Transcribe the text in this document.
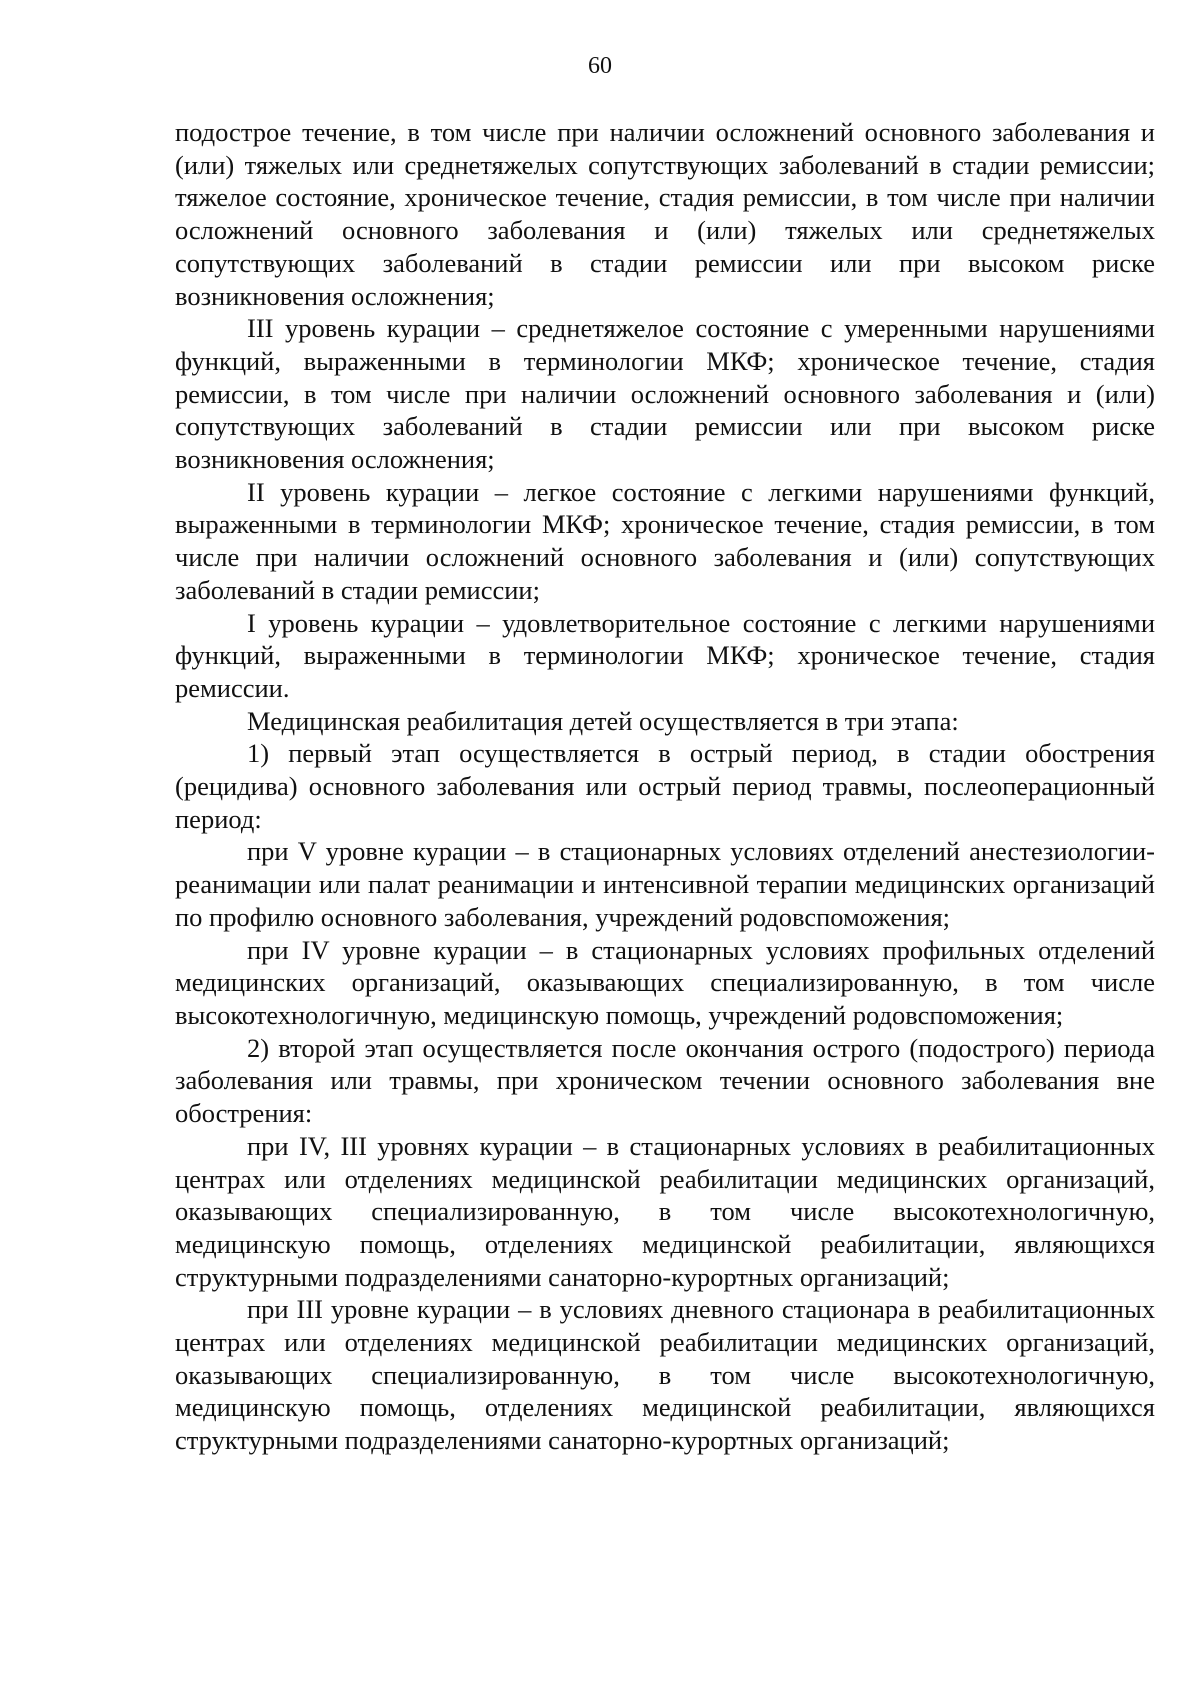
60

подострое течение, в том числе при наличии осложнений основного заболевания и (или) тяжелых или среднетяжелых сопутствующих заболеваний в стадии ремиссии; тяжелое состояние, хроническое течение, стадия ремиссии, в том числе при наличии осложнений основного заболевания и (или) тяжелых или среднетяжелых сопутствующих заболеваний в стадии ремиссии или при высоком риске возникновения осложнения;

III уровень курации – среднетяжелое состояние с умеренными нарушениями функций, выраженными в терминологии МКФ; хроническое течение, стадия ремиссии, в том числе при наличии осложнений основного заболевания и (или) сопутствующих заболеваний в стадии ремиссии или при высоком риске возникновения осложнения;

II уровень курации – легкое состояние с легкими нарушениями функций, выраженными в терминологии МКФ; хроническое течение, стадия ремиссии, в том числе при наличии осложнений основного заболевания и (или) сопутствующих заболеваний в стадии ремиссии;

I уровень курации – удовлетворительное состояние с легкими нарушениями функций, выраженными в терминологии МКФ; хроническое течение, стадия ремиссии.

Медицинская реабилитация детей осуществляется в три этапа:

1) первый этап осуществляется в острый период, в стадии обострения (рецидива) основного заболевания или острый период травмы, послеоперационный период:

при V уровне курации – в стационарных условиях отделений анестезиологии-реанимации или палат реанимации и интенсивной терапии медицинских организаций по профилю основного заболевания, учреждений родовспоможения;

при IV уровне курации – в стационарных условиях профильных отделений медицинских организаций, оказывающих специализированную, в том числе высокотехнологичную, медицинскую помощь, учреждений родовспоможения;

2) второй этап осуществляется после окончания острого (подострого) периода заболевания или травмы, при хроническом течении основного заболевания вне обострения:

при IV, III уровнях курации – в стационарных условиях в реабилитационных центрах или отделениях медицинской реабилитации медицинских организаций, оказывающих специализированную, в том числе высокотехнологичную, медицинскую помощь, отделениях медицинской реабилитации, являющихся структурными подразделениями санаторно-курортных организаций;

при III уровне курации – в условиях дневного стационара в реабилитационных центрах или отделениях медицинской реабилитации медицинских организаций, оказывающих специализированную, в том числе высокотехнологичную, медицинскую помощь, отделениях медицинской реабилитации, являющихся структурными подразделениями санаторно-курортных организаций;
